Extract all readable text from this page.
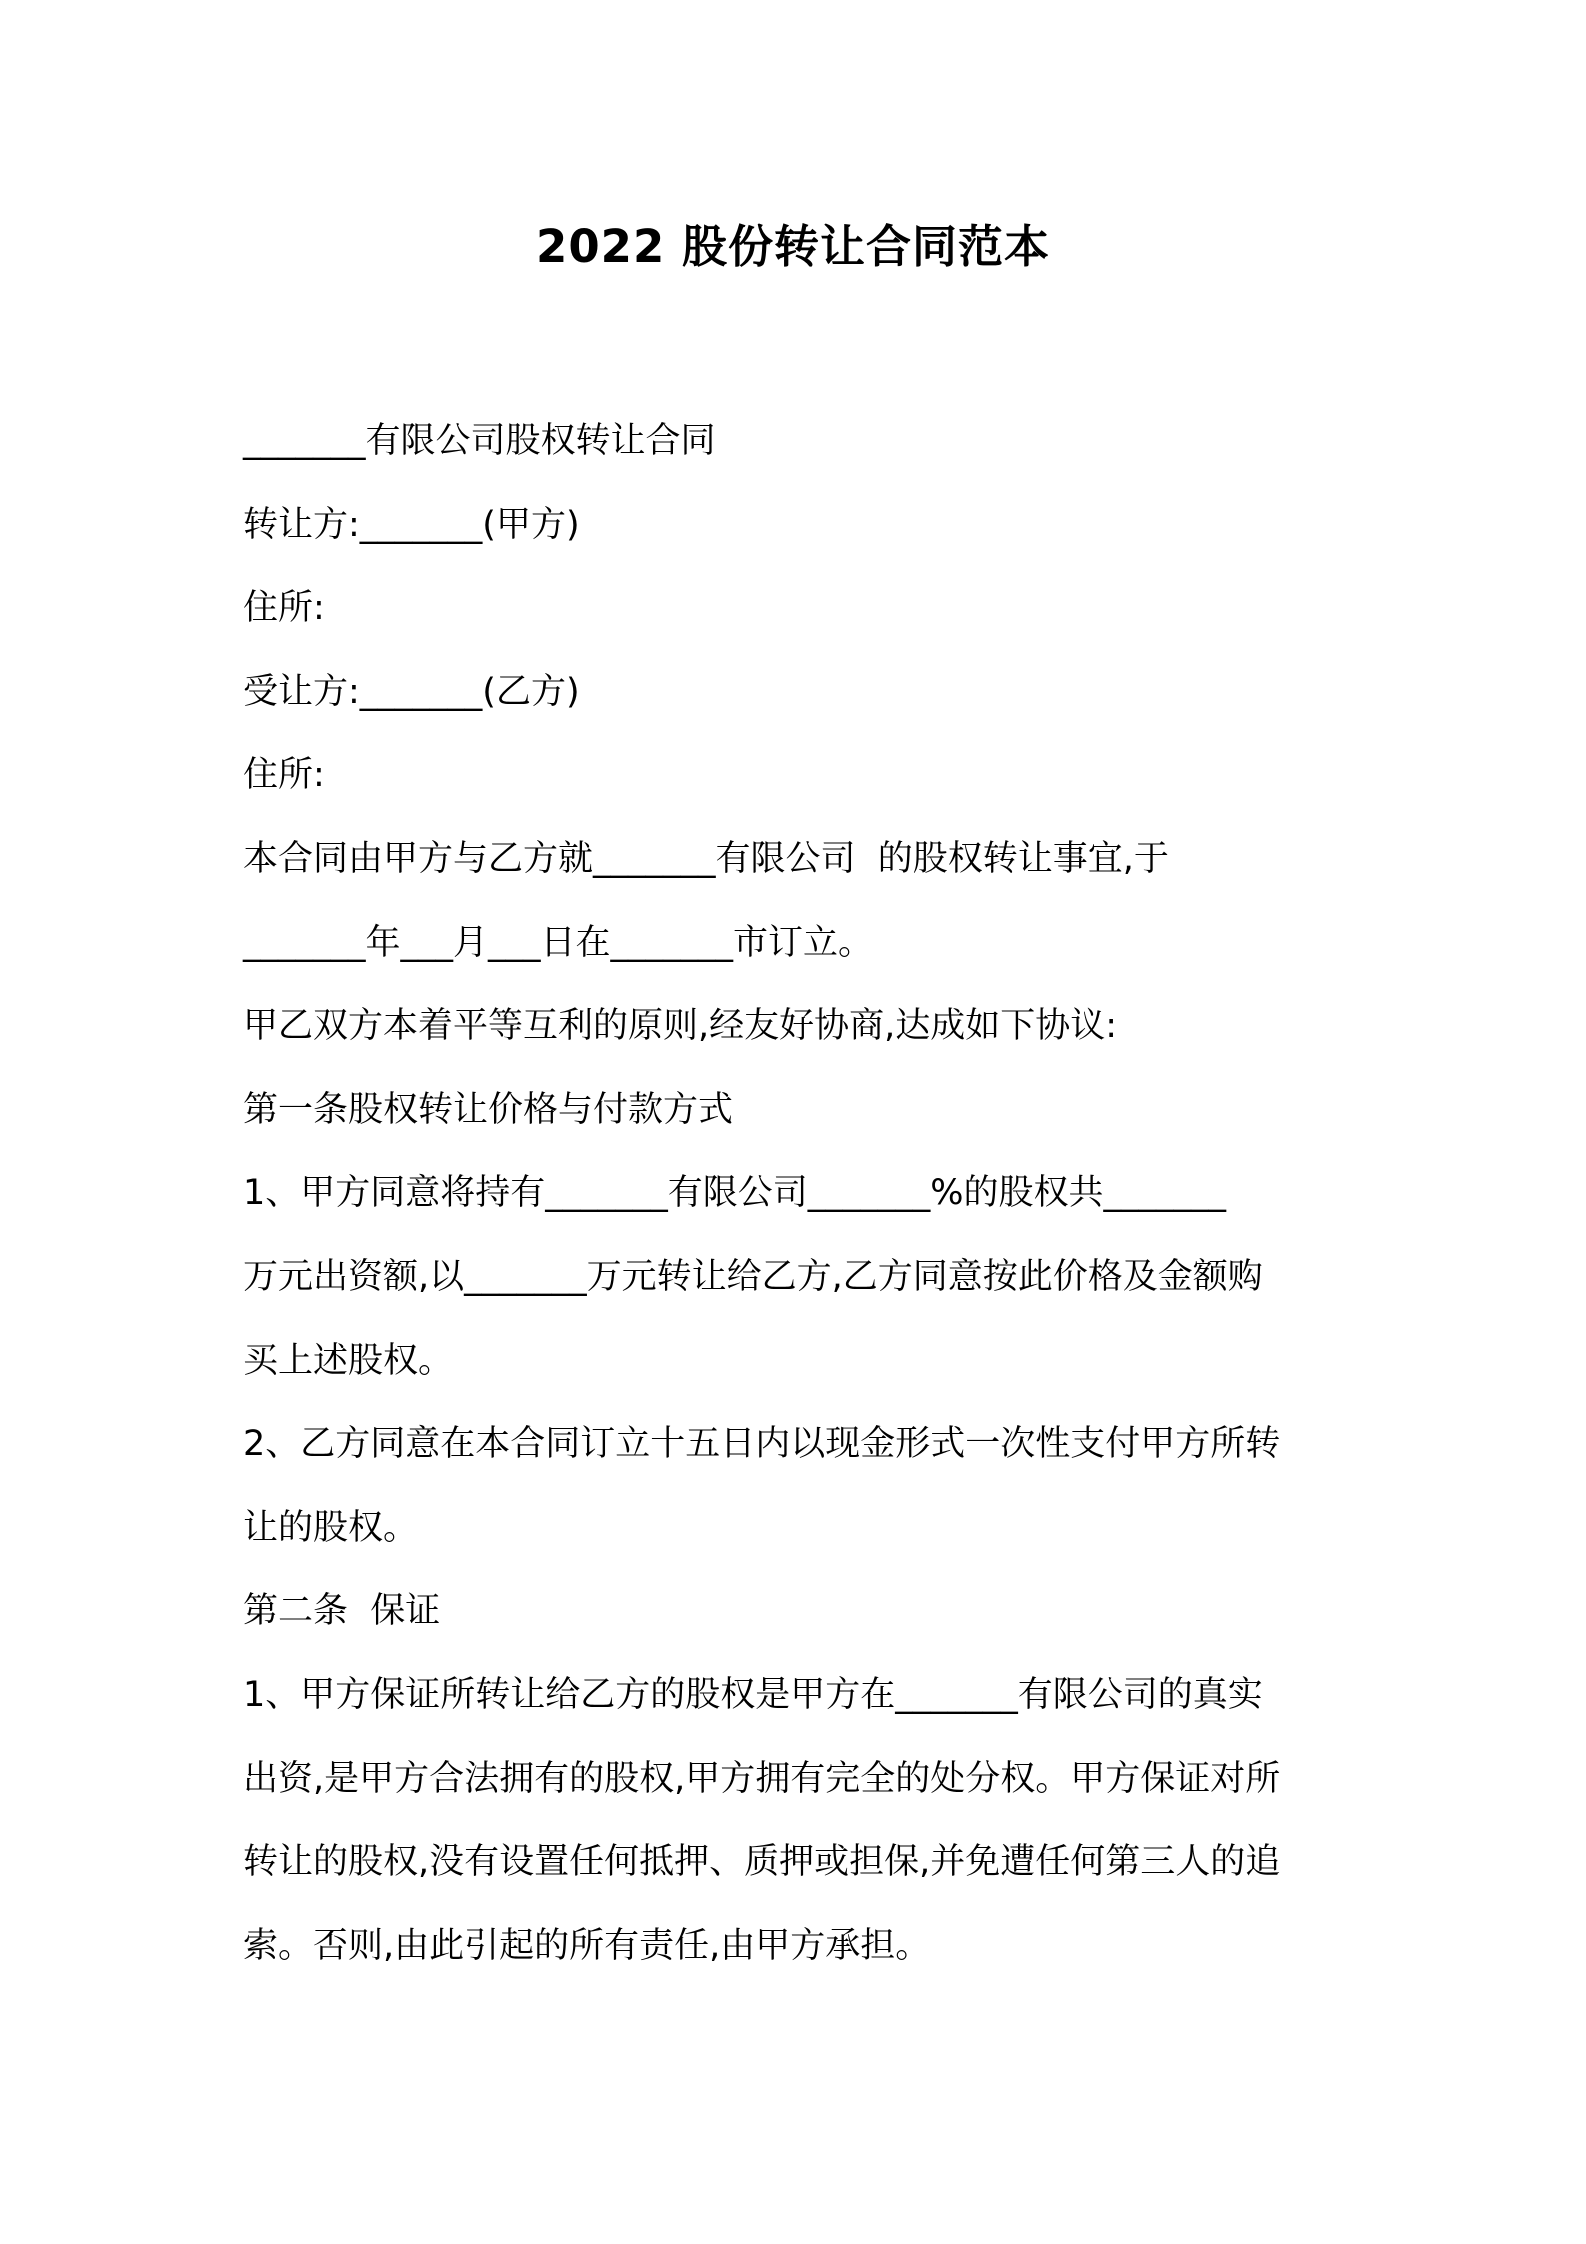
2022 股份转让合同范本
_______有限公司股权转让合同
转让方:_______(甲方)
住所:
受让方:_______(乙方)
住所:
本合同由甲方与乙方就_______有限公司  的股权转让事宜,于
_______年___月___日在_______市订立。
甲乙双方本着平等互利的原则,经友好协商,达成如下协议:
第一条股权转让价格与付款方式
1、甲方同意将持有_______有限公司_______%的股权共_______
万元出资额,以_______万元转让给乙方,乙方同意按此价格及金额购
买上述股权。
2、乙方同意在本合同订立十五日内以现金形式一次性支付甲方所转
让的股权。
第二条  保证
1、甲方保证所转让给乙方的股权是甲方在_______有限公司的真实
出资,是甲方合法拥有的股权,甲方拥有完全的处分权。甲方保证对所
转让的股权,没有设置任何抵押、质押或担保,并免遭任何第三人的追
索。否则,由此引起的所有责任,由甲方承担。
